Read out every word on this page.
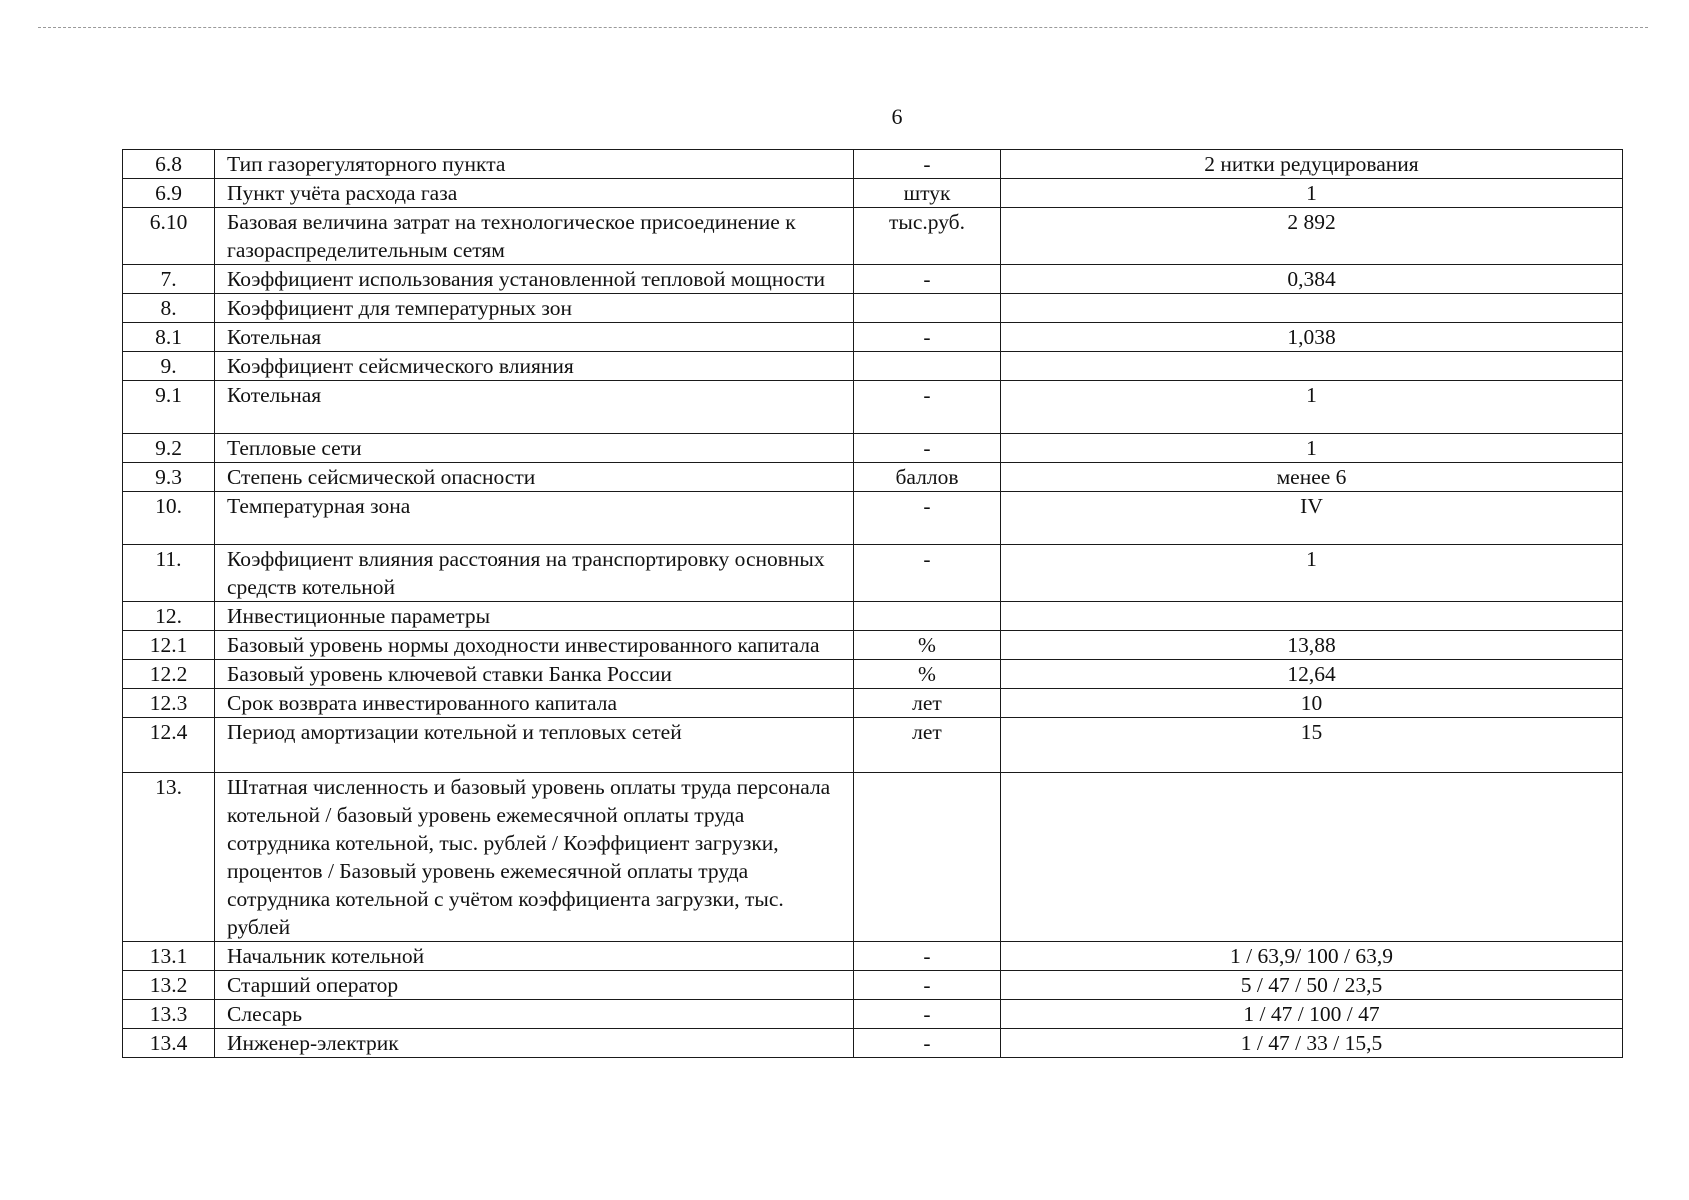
6
6.8	Тип газорегуляторного пункта	-	2 нитки редуцирования
6.9	Пункт учёта расхода газа	штук	1
6.10	Базовая величина затрат на технологическое присоединение к газораспределительным сетям	тыс.руб.	2 892
7.	Коэффициент использования установленной тепловой мощности	-	0,384
8.	Коэффициент для температурных зон		
8.1	Котельная	-	1,038
9.	Коэффициент сейсмического влияния		
9.1	Котельная	-	1
9.2	Тепловые сети	-	1
9.3	Степень сейсмической опасности	баллов	менее 6
10.	Температурная зона	-	IV
11.	Коэффициент влияния расстояния на транспортировку основных средств котельной	-	1
12.	Инвестиционные параметры		
12.1	Базовый уровень нормы доходности инвестированного капитала	%	13,88
12.2	Базовый уровень ключевой ставки Банка России	%	12,64
12.3	Срок возврата инвестированного капитала	лет	10
12.4	Период амортизации котельной и тепловых сетей	лет	15
13.	Штатная численность и базовый уровень оплаты труда персонала котельной / базовый уровень ежемесячной оплаты труда сотрудника котельной, тыс. рублей / Коэффициент загрузки, процентов / Базовый уровень ежемесячной оплаты труда сотрудника котельной с учётом коэффициента загрузки, тыс. рублей		
13.1	Начальник котельной	-	1 / 63,9/ 100 / 63,9
13.2	Старший оператор	-	5 / 47 / 50 / 23,5
13.3	Слесарь	-	1 / 47 / 100 / 47
13.4	Инженер-электрик	-	1 / 47 / 33 / 15,5
